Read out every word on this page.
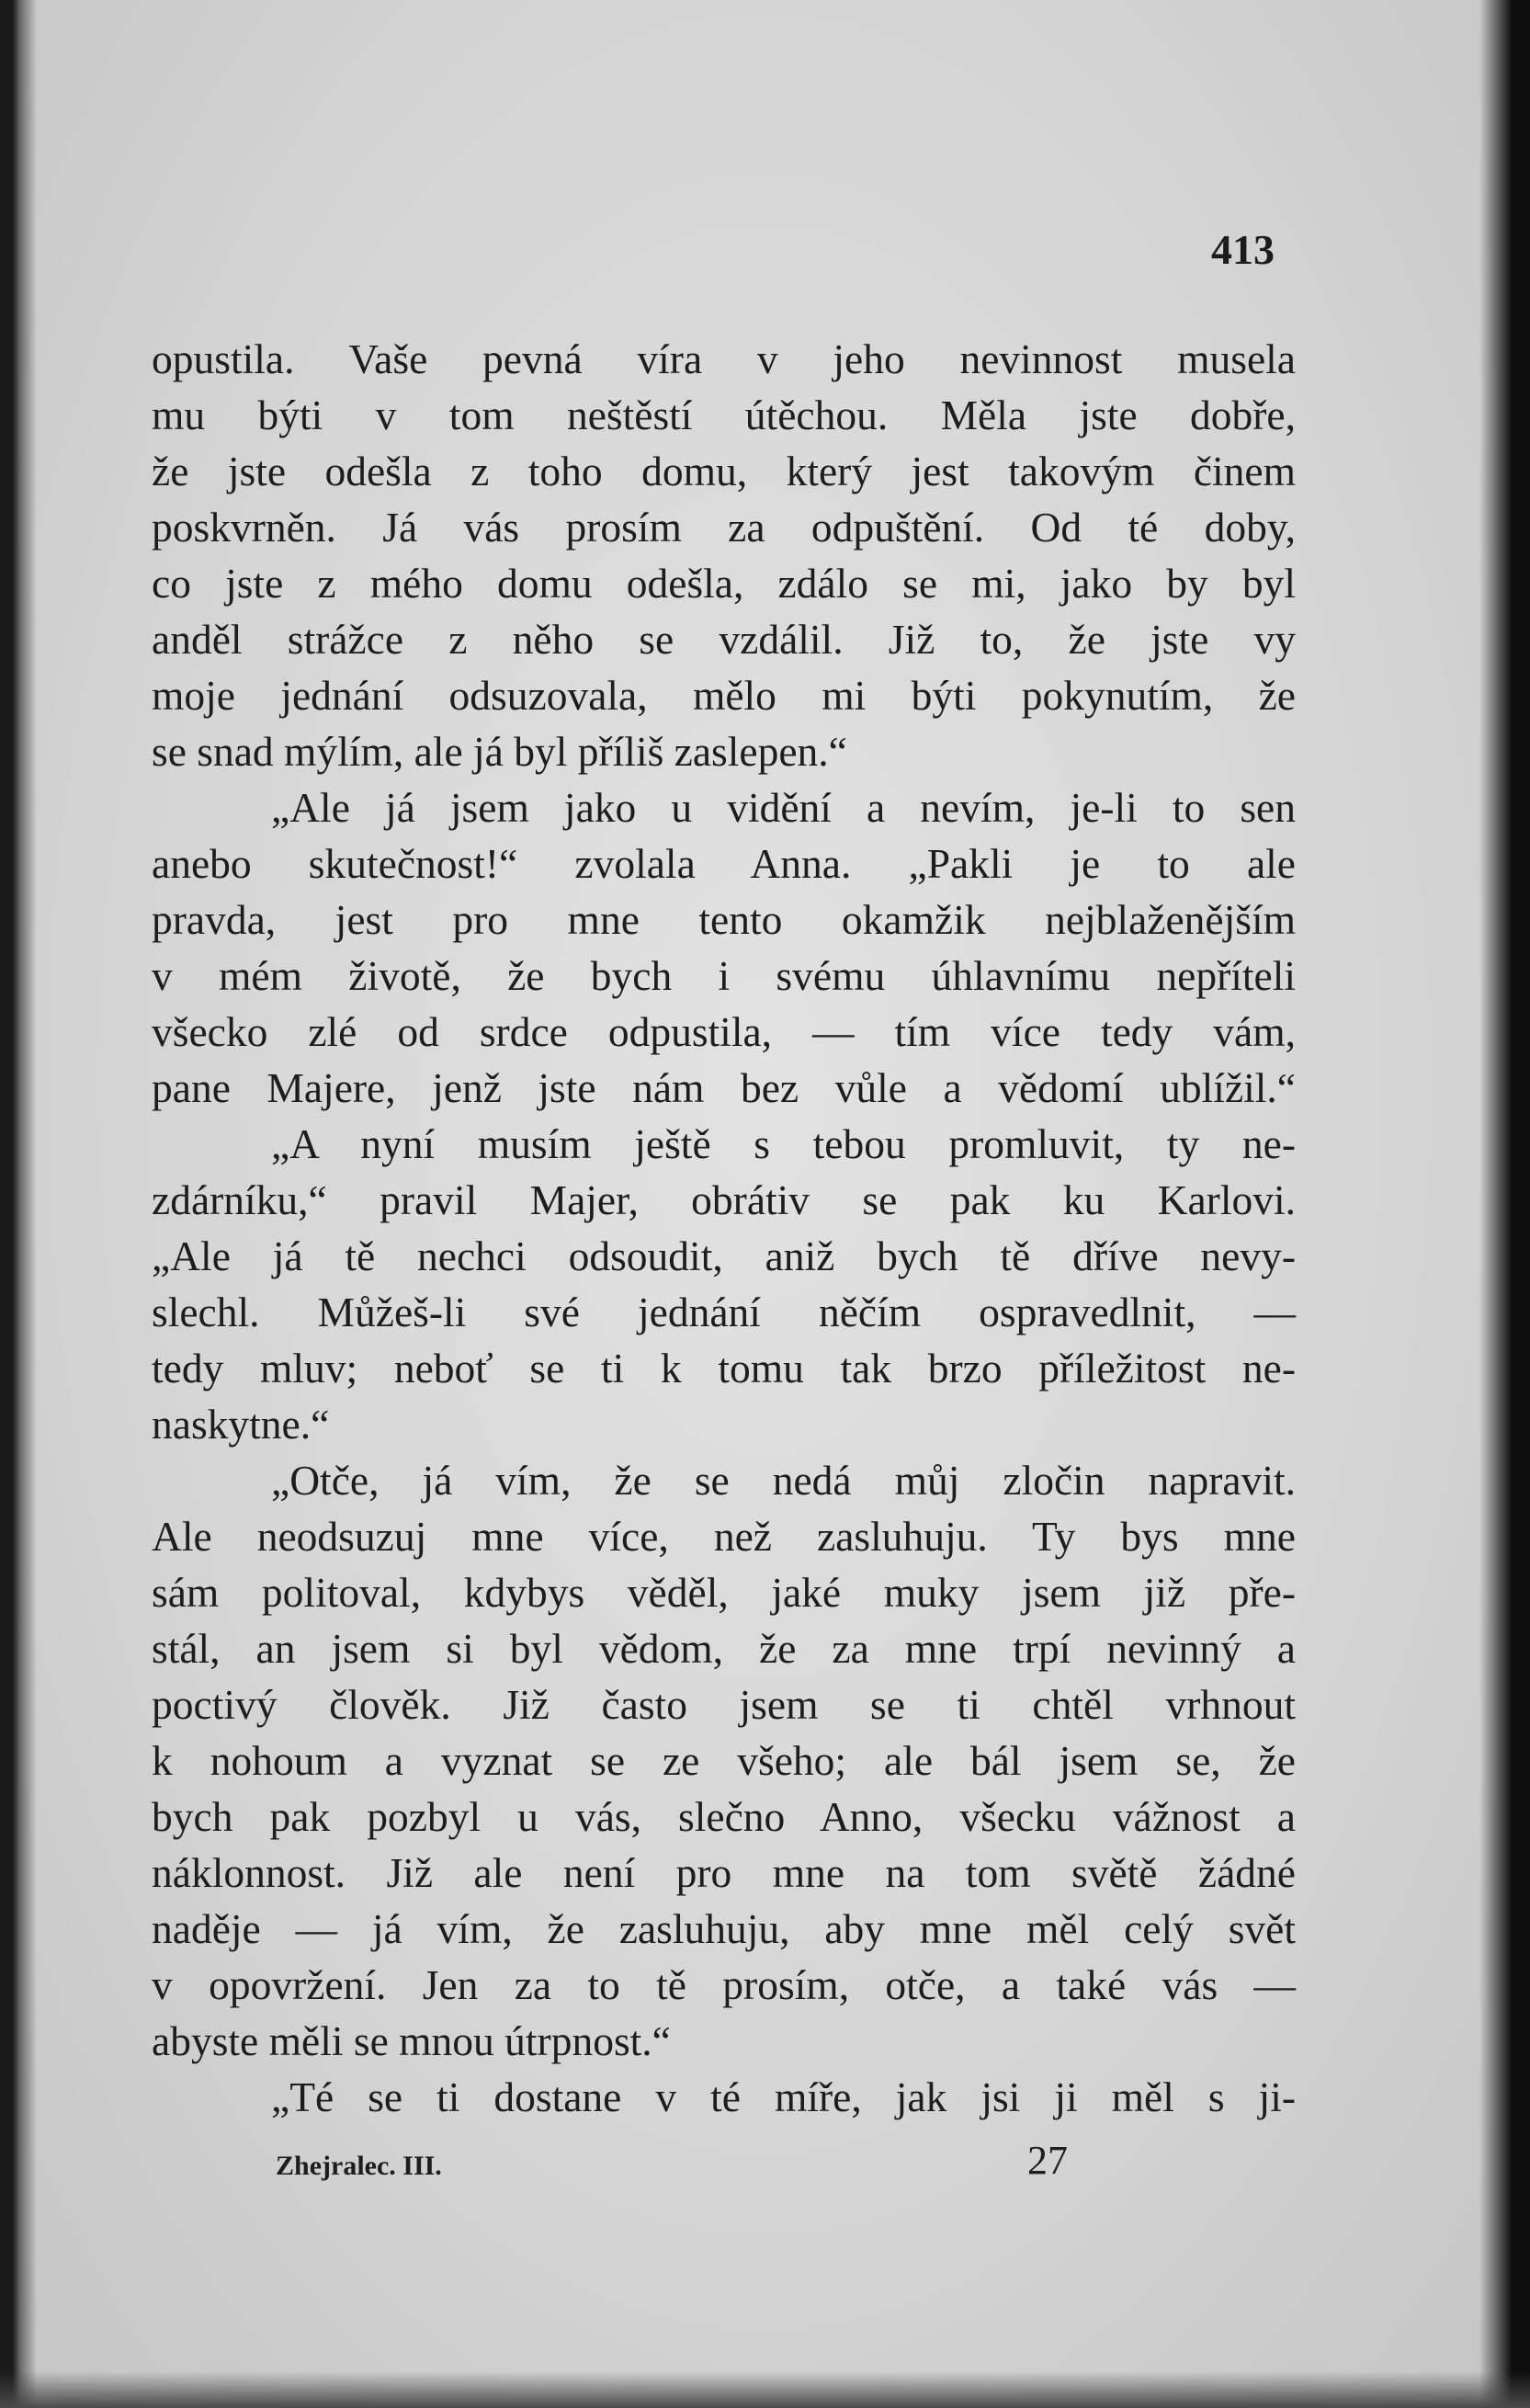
413
opustila. Vaše pevná víra v jeho nevinnost musela
mu býti v tom neštěstí útěchou. Měla jste dobře,
že jste odešla z toho domu, který jest takovým činem
poskvrněn. Já vás prosím za odpuštění. Od té doby,
co jste z mého domu odešla, zdálo se mi, jako by byl
anděl strážce z něho se vzdálil. Již to, že jste vy
moje jednání odsuzovala, mělo mi býti pokynutím, že
se snad mýlím, ale já byl příliš zaslepen.“
„Ale já jsem jako u vidění a nevím, je-li to sen
anebo skutečnost!“ zvolala Anna. „Pakli je to ale
pravda, jest pro mne tento okamžik nejblaženějším
v mém životě, že bych i svému úhlavnímu nepříteli
všecko zlé od srdce odpustila, — tím více tedy vám,
pane Majere, jenž jste nám bez vůle a vědomí ublížil.“
„A nyní musím ještě s tebou promluvit, ty ne-
zdárníku,“ pravil Majer, obrátiv se pak ku Karlovi.
„Ale já tě nechci odsoudit, aniž bych tě dříve nevy-
slechl. Můžeš-li své jednání něčím ospravedlnit, —
tedy mluv; neboť se ti k tomu tak brzo příležitost ne-
naskytne.“
„Otče, já vím, že se nedá můj zločin napravit.
Ale neodsuzuj mne více, než zasluhuju. Ty bys mne
sám politoval, kdybys věděl, jaké muky jsem již pře-
stál, an jsem si byl vědom, že za mne trpí nevinný a
poctivý člověk. Již často jsem se ti chtěl vrhnout
k nohoum a vyznat se ze všeho; ale bál jsem se, že
bych pak pozbyl u vás, slečno Anno, všecku vážnost a
náklonnost. Již ale není pro mne na tom světě žádné
naděje — já vím, že zasluhuju, aby mne měl celý svět
v opovržení. Jen za to tě prosím, otče, a také vás —
abyste měli se mnou útrpnost.“
„Té se ti dostane v té míře, jak jsi ji měl s ji-
Zhejralec. III.	27
